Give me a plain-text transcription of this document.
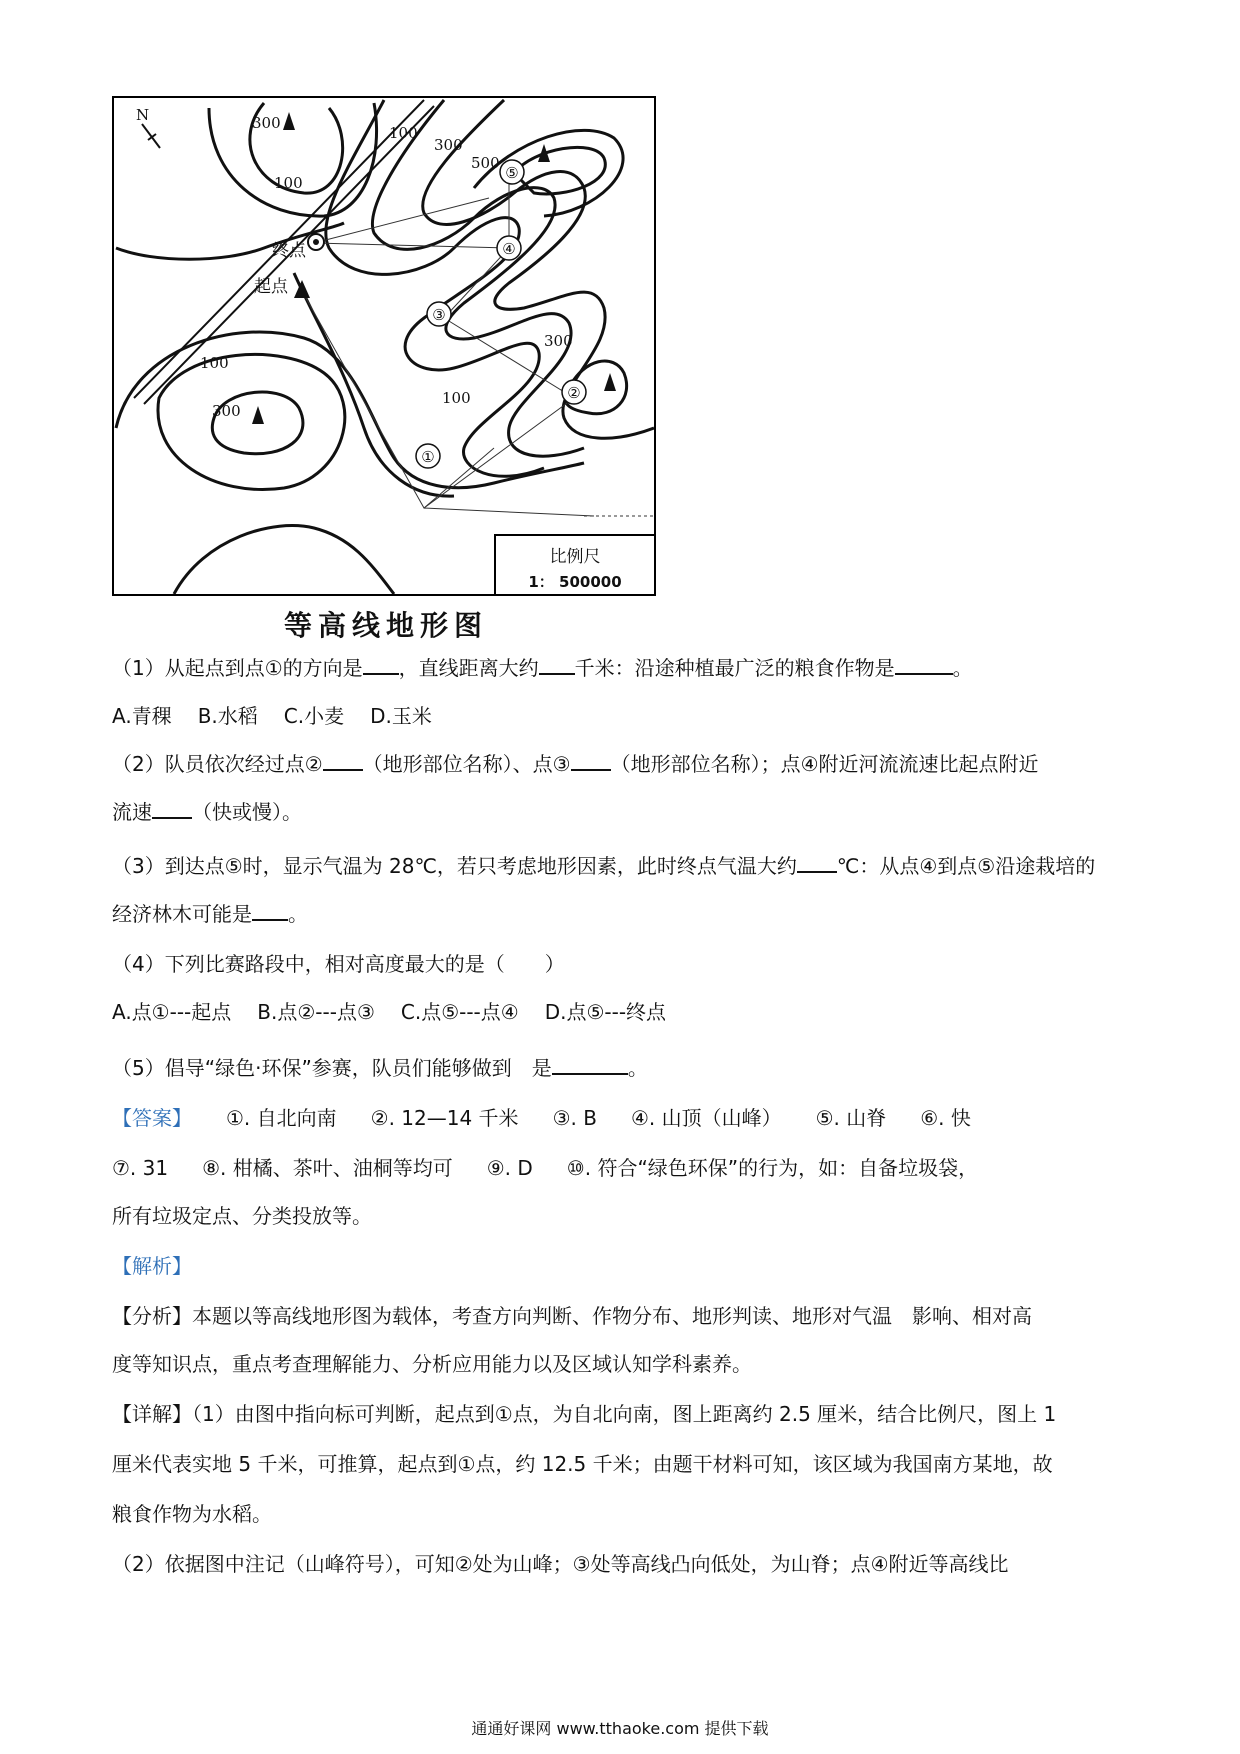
N
①
②
③
④
⑤
300
100
100
300
500
300
100
300
100
终点
起点
比例尺
1： 500000
等高线地形图
（1）从起点到点①的方向是 ，直线距离大约 千米：沿途种植最广泛的粮食作物是	。
A.青稞 B.水稻 C.小麦 D.玉米
（2）队员依次经过点② （地形部位名称）、点③ （地形部位名称）；点④附近河流流速比起点附近
流速 （快或慢）。
（3）到达点⑤时，显示气温为 28℃，若只考虑地形因素，此时终点气温大约 ℃：从点④到点⑤沿途栽培的
经济林木可能是 。
（4）下列比赛路段中，相对高度最大的是（　　）
A.点①---起点 B.点②---点③ C.点⑤---点④ D.点⑤---终点
（5）倡导“绿色·环保”参赛，队员们能够做到　是	。
【答案】 ①. 自北向南 ②. 12—14 千米 ③. B ④. 山顶（山峰） ⑤. 山脊 ⑥. 快
⑦. 31 ⑧. 柑橘、茶叶、油桐等均可 ⑨. D ⑩. 符合“绿色环保”的行为，如：自备垃圾袋，
所有垃圾定点、分类投放等。
【解析】
【分析】本题以等高线地形图为载体，考查方向判断、作物分布、地形判读、地形对气温　影响、相对高
度等知识点，重点考查理解能力、分析应用能力以及区域认知学科素养。
【详解】（1）由图中指向标可判断，起点到①点，为自北向南，图上距离约 2.5 厘米，结合比例尺，图上 1
厘米代表实地 5 千米，可推算，起点到①点，约 12.5 千米；由题干材料可知，该区域为我国南方某地，故
粮食作物为水稻。
（2）依据图中注记（山峰符号），可知②处为山峰；③处等高线凸向低处，为山脊；点④附近等高线比
通通好课网 www.tthaoke.com 提供下载
